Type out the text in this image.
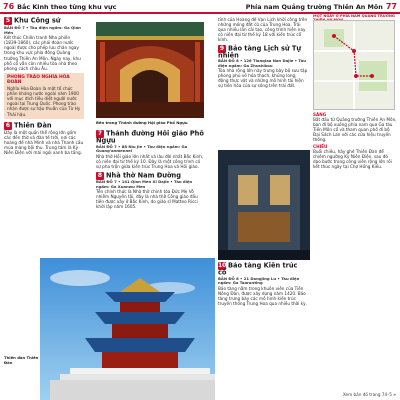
76 Bắc Kinh theo từng khu vực	Phía nam Quảng trường Thiên An Môn 77
5 Khu Công sứ
BẢN ĐỒ 7 • Tàu điện ngầm: Ga Qián Mén

Kết thúc Chiến tranh Nha phiến (1839-1860), các phái đoàn nước ngoài được cho phép lưu chân ngay trong khu vực phía đông Quảng trường Thiên An Môn. Ngày nay, khu phố cổ vẫn còn nhiều tòa nhà theo phong cách châu Âu.

PHONG TRÀO NGHĨA HÒA ĐOÀN
Nghĩa Hòa Đoàn là một tổ chức phản kháng nước ngoài năm 1900 với mục đích tiêu diệt người nước ngoài tại Trung Quốc. Phong trào nhận được sự hậu thuẫn của Từ Hy Thái hậu.
6 Thiên Đàn

Đây là một quần thể rộng lớn gồm các đền thờ và đàn tế trời, nơi các hoàng đế nhà Minh và nhà Thanh cầu mùa màng bội thu. Trung tâm là Kỳ Niên Điện với mái ngói xanh ba tầng.

Thiên đàn Thiên Đàn
Bên trong Thánh đường Hội giáo Phố Ngựu
7 Thánh đường Hồi giáo Phố Ngựu
BẢN ĐỒ 7 • 88 Niu Jie • Tàu điện ngầm: Ga Guang'anmennei

Nhà thờ Hồi giáo lớn nhất và lâu đời nhất Bắc Kinh, có niên đại từ thế kỷ 10. Đây là một công trình có sự pha trộn giữa kiến trúc Trung Hoa và Hồi giáo.

8 Nhà thờ Nam Đường
BẢN ĐỒ 7 • 141 Qian Men Xi Dajie • Tàu điện ngầm: Ga Xuanwu Men

Tên chính thức là Nhà thờ chính tòa Đức Mẹ Vô nhiễm Nguyên tội, đây là nhà thờ Công giáo đầu tiên được xây ở Bắc Kinh, do giáo sĩ Matteo Ricci khởi lập năm 1605.

tỉnh của Hoàng đế Vạn Lịch khởi công trên những móng đất cũ của Trung Hoa. Trải qua nhiều lần cải tạo, công trình hiện nay có niên đại từ thế kỷ 18 với kiến trúc cổ kính.

9 Bảo tàng Lịch sử Tự nhiên
BẢN ĐỒ 8 • 126 Tianqiao Nan Dajie • Tàu điện ngầm: Ga Zhushikou

Tòa nhà rộng lớn này trưng bày bộ sưu tập phong phú về hóa thạch, khủng long, động thực vật và những mô hình tái hiện sự tiến hóa của sự sống trên trái đất.

10 Bảo tàng Kiến trúc cổ
BẢN ĐỒ 8 • 21 Dongjing Lu • Tàu điện ngầm: Ga Taoranting

Bảo tàng nằm trong khuôn viên của Tiên Nông Đàn, được xây dựng năm 1420. Bảo tàng trưng bày các mô hình kiến trúc truyền thống Trung Hoa qua nhiều thời kỳ.

MỘT NGÀY Ở PHÍA NAM QUẢNG TRƯỜNG
SÁNG

Bắt đầu từ Quảng trường Thiên An Môn, bạn đi bộ xuống phía nam qua Ga tàu Tiền Môn cổ và tham quan phố đi bộ Đại Sách Lan với các cửa hiệu truyền thống.

CHIỀU

Buổi chiều, hãy ghé Thiên Đàn để chiêm ngưỡng Kỳ Niên Điện, sau đó dạo bước trong công viên rộng lớn rồi kết thúc ngày tại Chợ Hồng Kiều.

Xem bản đồ trang 74–5 »
